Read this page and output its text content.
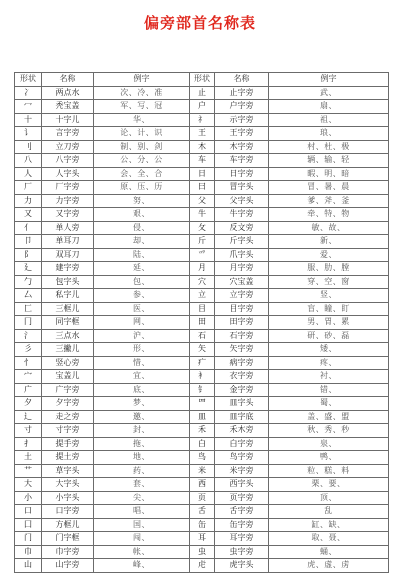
偏旁部首名称表
形状	名称	例字	形状	名称	例字
冫	两点水	次、冷、准	止	止字旁	武、
冖	秃宝盖	军、写、冠	户	户字旁	扇、
十	十字儿	华、	礻	示字旁	祖、
讠	言字旁	论、计、识	王	王字旁	琅、
刂	立刀旁	制、别、剑	木	木字旁	村、杜、极
八	八字旁	公、分、公	车	车字旁	辆、输、轻
人	人字头	会、全、合	日	日字旁	暇、明、暗
厂	厂字旁	原、压、历	曰	冒字头	冒、暑、晨
力	力字旁	努、	父	父字头	爹、斧、釜
又	又字旁	艰、	牛	牛字旁	牵、特、物
亻	单人旁	侵、	攵	反文旁	敏、故、
卩	单耳刀	却、	斤	斤字头	新、
阝	双耳刀	陆、	爫	爪字头	爱、
廴	建字旁	延、	月	月字旁	服、肋、膛
勹	包字头	包、	穴	穴宝盖	穿、空、窗
厶	私字儿	参、	立	立字旁	竖、
匚	三框儿	医、	目	目字旁	盲、瞳、盯
冂	同字框	网、	田	田字旁	男、胃、累
氵	三点水	沪、	石	石字旁	研、砂、磊
彡	三撇儿	形、	矢	矢字旁	矮、
忄	竖心旁	惜、	疒	病字旁	疼、
宀	宝盖儿	宜、	衤	衣字旁	衬、
广	广字旁	底、	钅	金字旁	错、
夕	夕字旁	梦、	罒	皿字头	蜀、
辶	走之旁	邀、	皿	皿字底	盖、盛、盟
寸	寸字旁	封、	禾	禾木旁	秋、秀、秒
扌	提手旁	拖、	白	白字旁	泉、
土	提土旁	地、	鸟	鸟字旁	鸭、
艹	草字头	药、	米	米字旁	粒、糕、料
大	大字头	套、	西	西字头	栗、要、
小	小字头	尖、	页	页字旁	顶、
口	口字旁	唱、	舌	舌字旁	乱
囗	方框儿	国、	缶	缶字旁	缸、缺、
门	门字框	闯、	耳	耳字旁	取、聂、
巾	巾字旁	帐、	虫	虫字旁	蛹、
山	山字旁	峰、	虍	虎字头	虎、虚、虏
